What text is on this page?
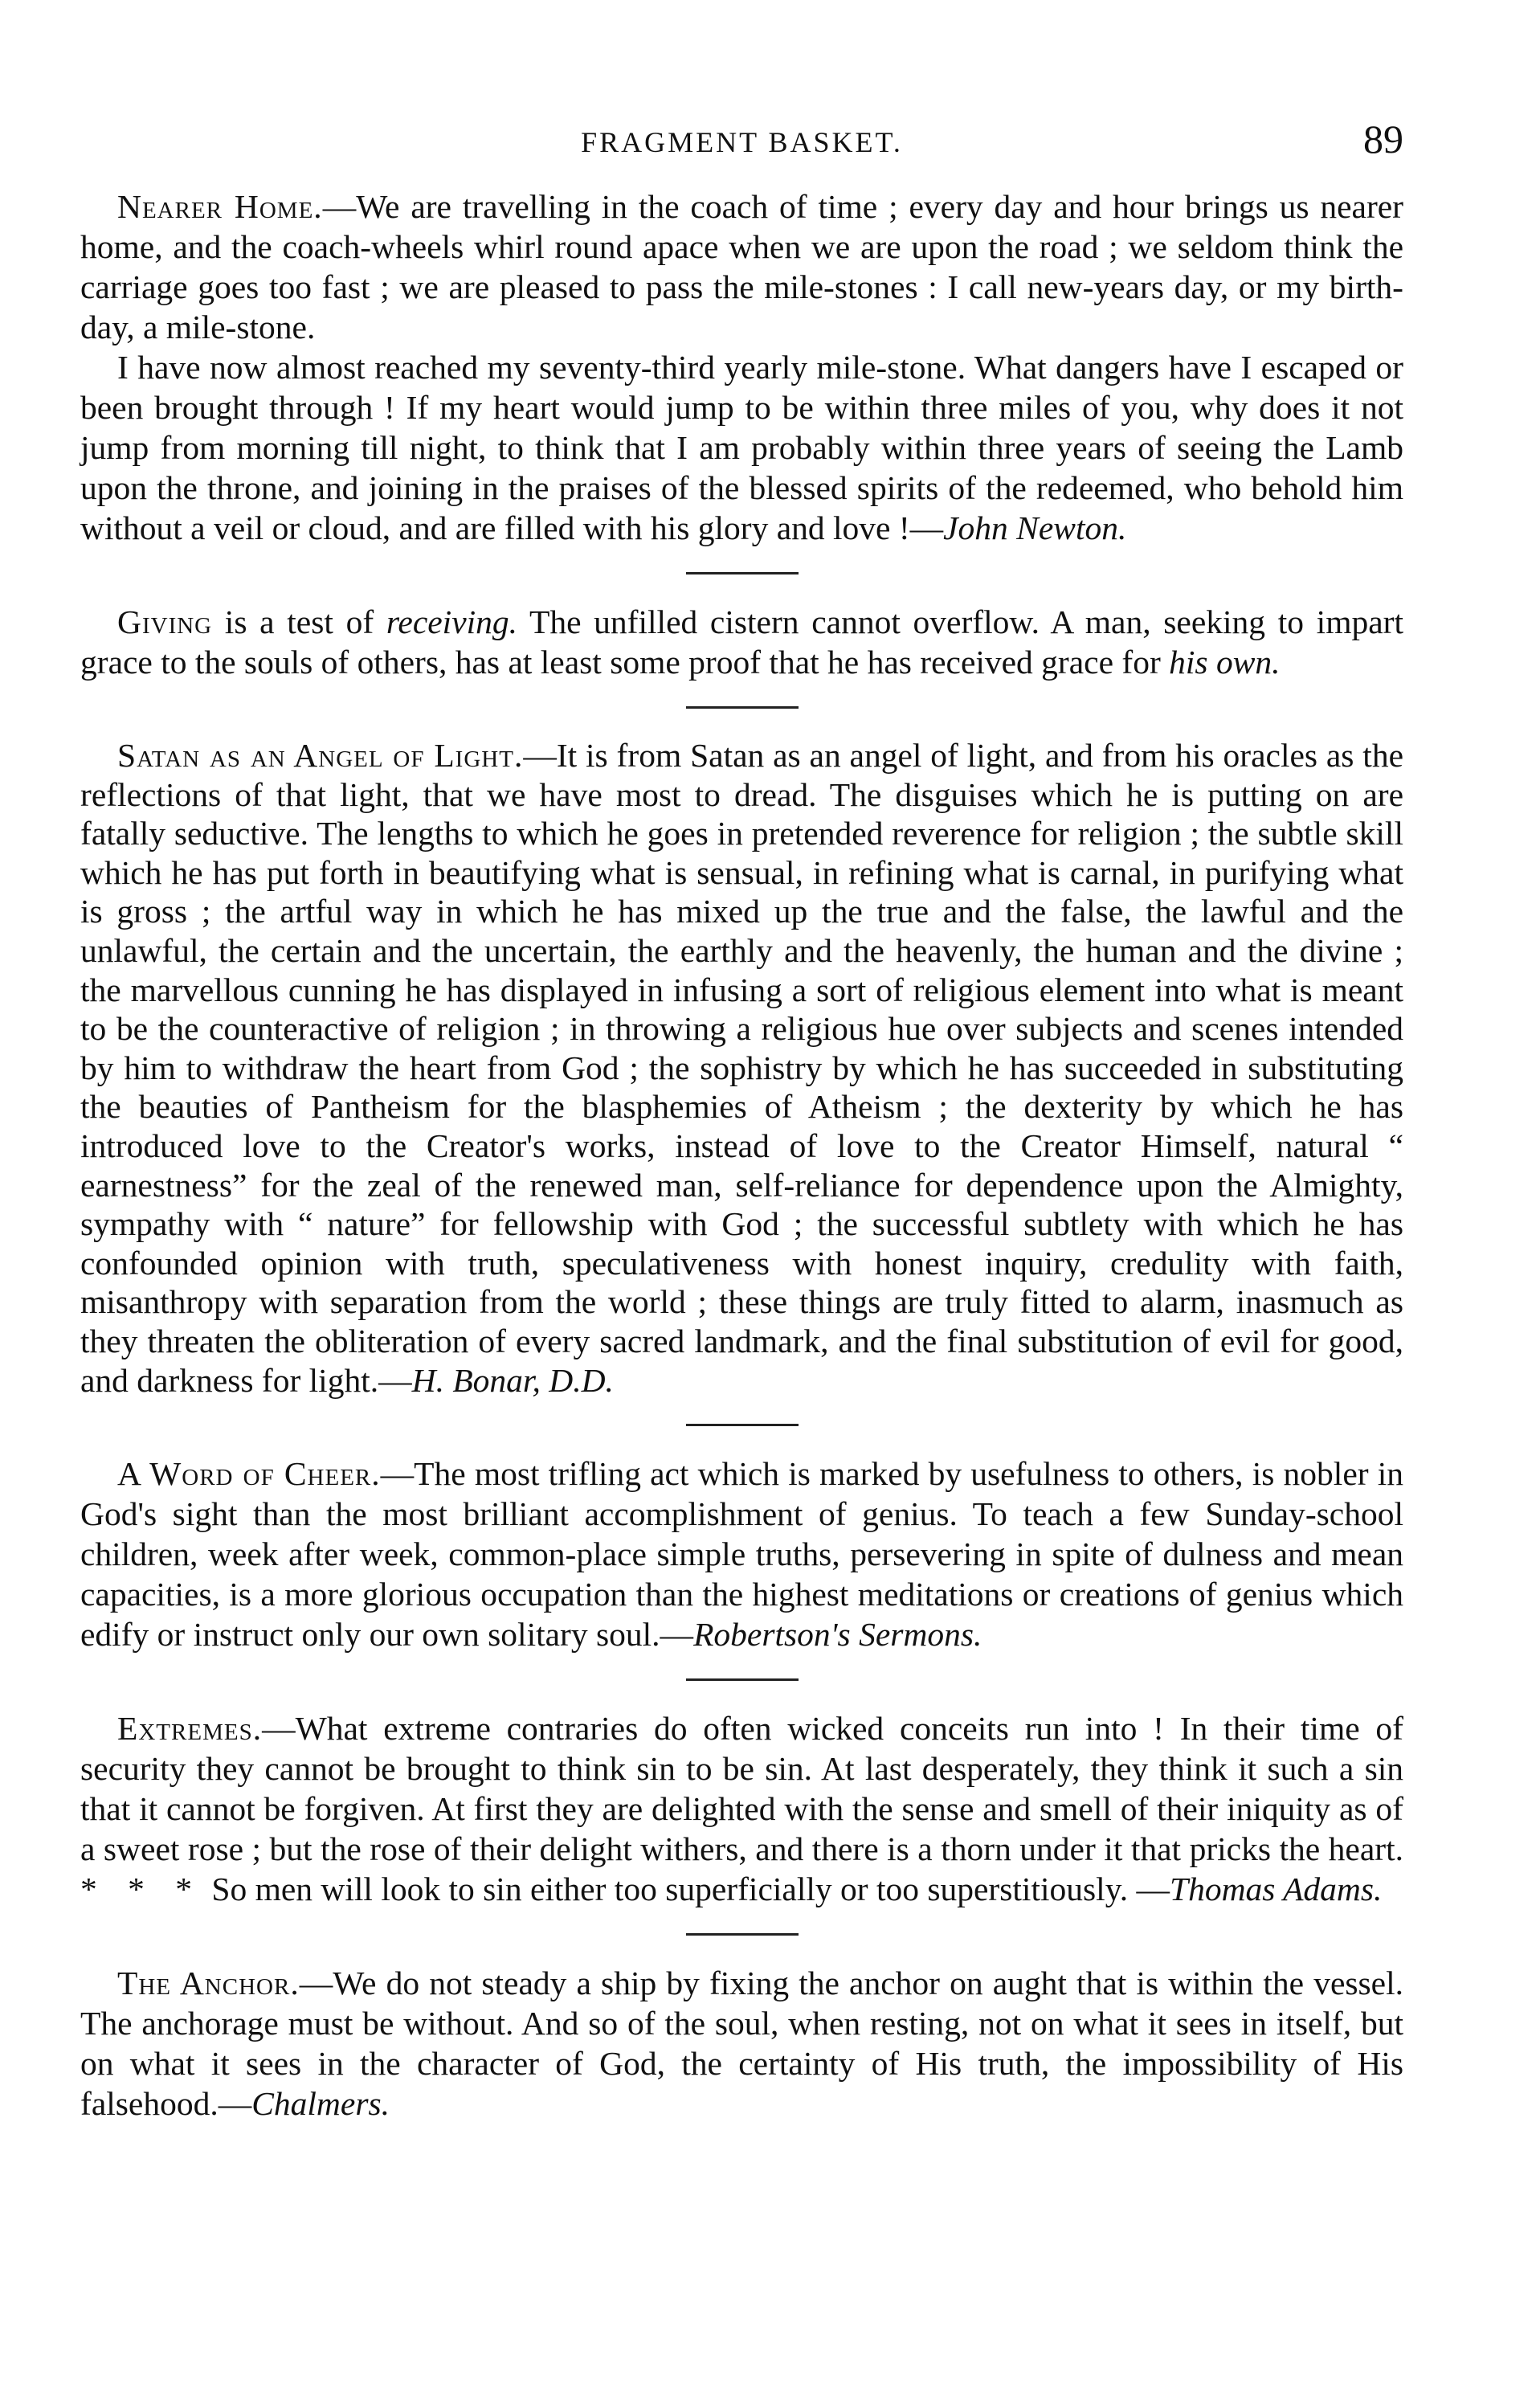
FRAGMENT BASKET.	89

Nearer Home.—We are travelling in the coach of time ; every day and hour brings us nearer home, and the coach-wheels whirl round apace when we are upon the road ; we seldom think the carriage goes too fast ; we are pleased to pass the mile-stones : I call new-years day, or my birth-day, a mile-stone.

I have now almost reached my seventy-third yearly mile-stone. What dangers have I escaped or been brought through ! If my heart would jump to be within three miles of you, why does it not jump from morning till night, to think that I am probably within three years of seeing the Lamb upon the throne, and joining in the praises of the blessed spirits of the redeemed, who behold him without a veil or cloud, and are filled with his glory and love !—John Newton.

Giving is a test of receiving. The unfilled cistern cannot overflow. A man, seeking to impart grace to the souls of others, has at least some proof that he has received grace for his own.

Satan as an Angel of Light.—It is from Satan as an angel of light, and from his oracles as the reflections of that light, that we have most to dread. The disguises which he is putting on are fatally seductive. The lengths to which he goes in pretended reverence for religion ; the subtle skill which he has put forth in beautifying what is sensual, in refining what is carnal, in purifying what is gross ; the artful way in which he has mixed up the true and the false, the lawful and the unlawful, the certain and the uncertain, the earthly and the heavenly, the human and the divine ; the marvellous cunning he has displayed in infusing a sort of religious element into what is meant to be the counteractive of religion ; in throwing a religious hue over subjects and scenes intended by him to withdraw the heart from God ; the sophistry by which he has succeeded in substituting the beauties of Pantheism for the blasphemies of Atheism ; the dexterity by which he has introduced love to the Creator's works, instead of love to the Creator Himself, natural “ earnestness” for the zeal of the renewed man, self-reliance for dependence upon the Almighty, sympathy with “ nature” for fellowship with God ; the successful subtlety with which he has confounded opinion with truth, speculativeness with honest inquiry, credulity with faith, misanthropy with separation from the world ; these things are truly fitted to alarm, inasmuch as they threaten the obliteration of every sacred landmark, and the final substitution of evil for good, and darkness for light.—H. Bonar, D.D.

A Word of Cheer.—The most trifling act which is marked by usefulness to others, is nobler in God's sight than the most brilliant accomplishment of genius. To teach a few Sunday-school children, week after week, common-place simple truths, persevering in spite of dulness and mean capacities, is a more glorious occupation than the highest meditations or creations of genius which edify or instruct only our own solitary soul.—Robertson's Sermons.

Extremes.—What extreme contraries do often wicked conceits run into ! In their time of security they cannot be brought to think sin to be sin. At last desperately, they think it such a sin that it cannot be forgiven. At first they are delighted with the sense and smell of their iniquity as of a sweet rose ; but the rose of their delight withers, and there is a thorn under it that pricks the heart. * * * So men will look to sin either too superficially or too superstitiously. —Thomas Adams.

The Anchor.—We do not steady a ship by fixing the anchor on aught that is within the vessel. The anchorage must be without. And so of the soul, when resting, not on what it sees in itself, but on what it sees in the character of God, the certainty of His truth, the impossibility of His falsehood.—Chalmers.
